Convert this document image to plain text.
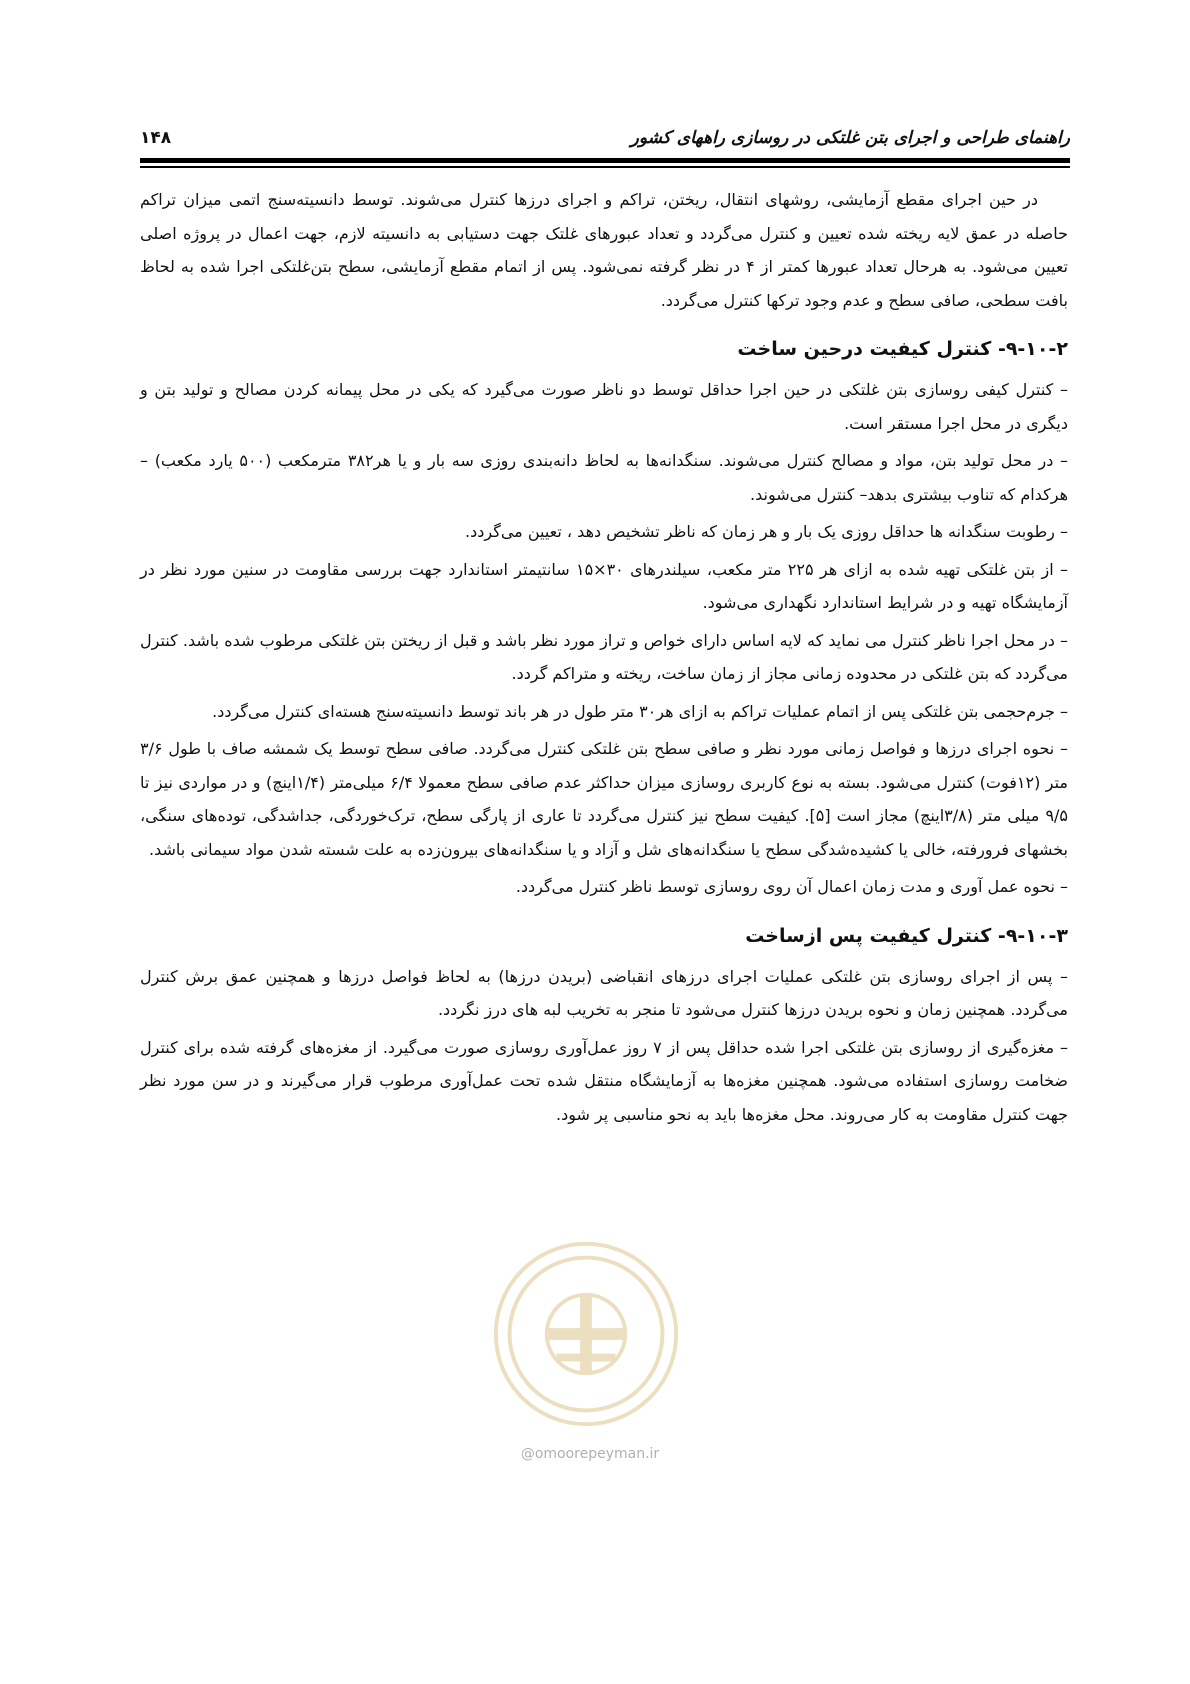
راهنمای طراحی و اجرای بتن غلتکی در روسازی راههای کشور
۱۴۸

در حین اجرای مقطع آزمایشی، روشهای انتقال، ریختن، تراکم و اجرای درزها کنترل می‌شوند. توسط دانسیته‌سنج اتمی میزان تراکم حاصله در عمق لایه ریخته شده تعیین و کنترل می‌گردد و تعداد عبورهای غلتک جهت دستیابی به دانسیته لازم، جهت اعمال در پروژه اصلی تعیین می‌شود. به هرحال تعداد عبورها کمتر از ۴ در نظر گرفته نمی‌شود. پس از اتمام مقطع آزمایشی، سطح بتن‌غلتکی اجرا شده به لحاظ بافت سطحی، صافی سطح و عدم وجود ترکها کنترل می‌گردد.

۹-۱۰-۲- کنترل کیفیت درحین ساخت

– کنترل کیفی روسازی بتن غلتکی در حین اجرا حداقل توسط دو ناظر صورت می‌گیرد که یکی در محل پیمانه کردن مصالح و تولید بتن و دیگری در محل اجرا مستقر است.

– در محل تولید بتن، مواد و مصالح کنترل می‌شوند. سنگدانه‌ها به لحاظ دانه‌بندی روزی سه بار و یا هر۳۸۲ مترمکعب (۵۰۰ یارد مکعب) –هرکدام که تناوب بیشتری بدهد– کنترل می‌شوند.

– رطوبت سنگدانه ها حداقل روزی یک بار و هر زمان که ناظر تشخیص دهد ، تعیین می‌گردد.

– از بتن غلتکی تهیه شده به ازای هر ۲۲۵ متر مکعب، سیلندرهای ۳۰×۱۵ سانتیمتر استاندارد جهت بررسی مقاومت در سنین مورد نظر در آزمایشگاه تهیه و در شرایط استاندارد نگهداری می‌شود.

– در محل اجرا ناظر کنترل می نماید که لایه اساس دارای خواص و تراز مورد نظر باشد و قبل از ریختن بتن غلتکی مرطوب شده باشد. کنترل می‌گردد که بتن غلتکی در محدوده زمانی مجاز از زمان ساخت، ریخته و متراکم گردد.

– جرم‌حجمی بتن غلتکی پس از اتمام عملیات تراکم به ازای هر۳۰ متر طول در هر باند توسط دانسیته‌سنج هسته‌ای کنترل می‌گردد.

– نحوه اجرای درزها و فواصل زمانی مورد نظر و صافی سطح بتن غلتکی کنترل می‌گردد. صافی سطح توسط یک شمشه صاف با طول ۳/۶ متر (۱۲فوت) کنترل می‌شود. بسته به نوع کاربری روسازی میزان حداکثر عدم صافی سطح معمولا ۶/۴ میلی‌متر (۱/۴اینچ) و در مواردی نیز تا ۹/۵ میلی متر (۳/۸اینچ) مجاز است [۵]. کیفیت سطح نیز کنترل می‌گردد تا عاری از پارگی سطح، ترک‌خوردگی، جداشدگی، توده‌های سنگی، بخشهای فرورفته، خالی یا کشیده‌شدگی سطح یا سنگدانه‌های شل و آزاد و یا سنگدانه‌های بیرون‌زده به علت شسته شدن مواد سیمانی باشد.

– نحوه عمل آوری و مدت زمان اعمال آن روی روسازی توسط ناظر کنترل می‌گردد.

۹-۱۰-۳- کنترل کیفیت پس ازساخت

– پس از اجرای روسازی بتن غلتکی عملیات اجرای درزهای انقباضی (بریدن درزها) به لحاظ فواصل درزها و همچنین عمق برش کنترل می‌گردد. همچنین زمان و نحوه بریدن درزها کنترل می‌شود تا منجر به تخریب لبه های درز نگردد.

– مغزه‌گیری از روسازی بتن غلتکی اجرا شده حداقل پس از ۷ روز عمل‌آوری روسازی صورت می‌گیرد. از مغزه‌های گرفته شده برای کنترل ضخامت روسازی استفاده می‌شود. همچنین مغزه‌ها به آزمایشگاه منتقل شده تحت عمل‌آوری مرطوب قرار می‌گیرند و در سن مورد نظر جهت کنترل مقاومت به کار می‌روند. محل مغزه‌ها باید به نحو مناسبی پر شود.

@omoorepeyman.ir
